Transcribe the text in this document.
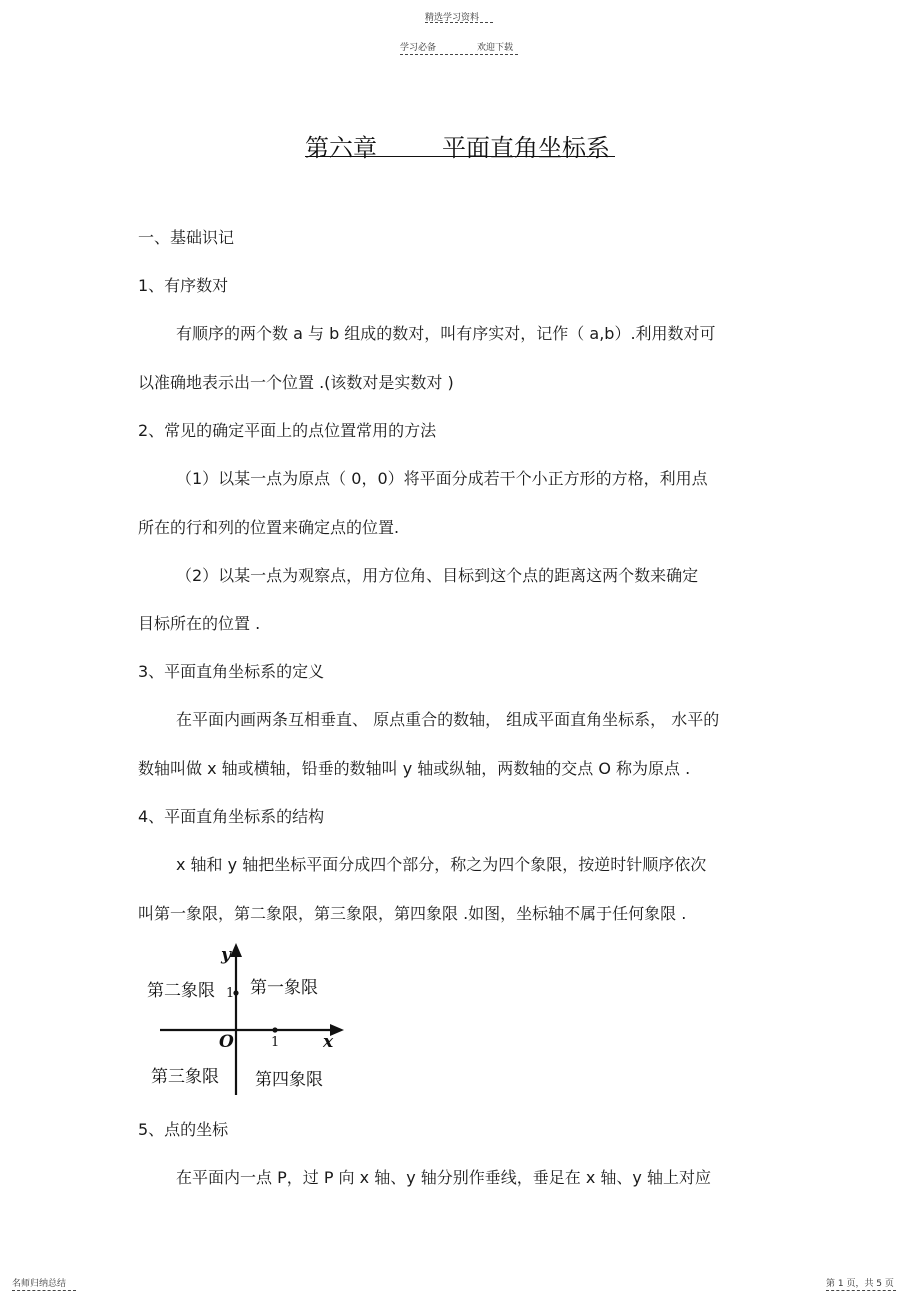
精选学习资料
学习必备	欢迎下载
第六章	平面直角坐标系
一、基础识记
1、有序数对
有顺序的两个数 a 与 b 组成的数对，叫有序实对，记作（ a,b）.利用数对可
以准确地表示出一个位置 .(该数对是实数对 )
2、常见的确定平面上的点位置常用的方法
（1）以某一点为原点（ 0，0）将平面分成若干个小正方形的方格，利用点
所在的行和列的位置来确定点的位置.
（2）以某一点为观察点，用方位角、目标到这个点的距离这两个数来确定
目标所在的位置 .
3、平面直角坐标系的定义
在平面内画两条互相垂直、 原点重合的数轴， 组成平面直角坐标系， 水平的
数轴叫做 x 轴或横轴，铅垂的数轴叫 y 轴或纵轴，两数轴的交点 O 称为原点 .
4、平面直角坐标系的结构
x 轴和 y 轴把坐标平面分成四个部分，称之为四个象限，按逆时针顺序依次
叫第一象限，第二象限，第三象限，第四象限 .如图，坐标轴不属于任何象限 .
第二象限 第一象限
第三象限 第四象限
y
x
O
1
1
5、点的坐标
在平面内一点 P，过 P 向 x 轴、y 轴分别作垂线，垂足在 x 轴、y 轴上对应
名师归纳总结	第 1 页，共 5 页
